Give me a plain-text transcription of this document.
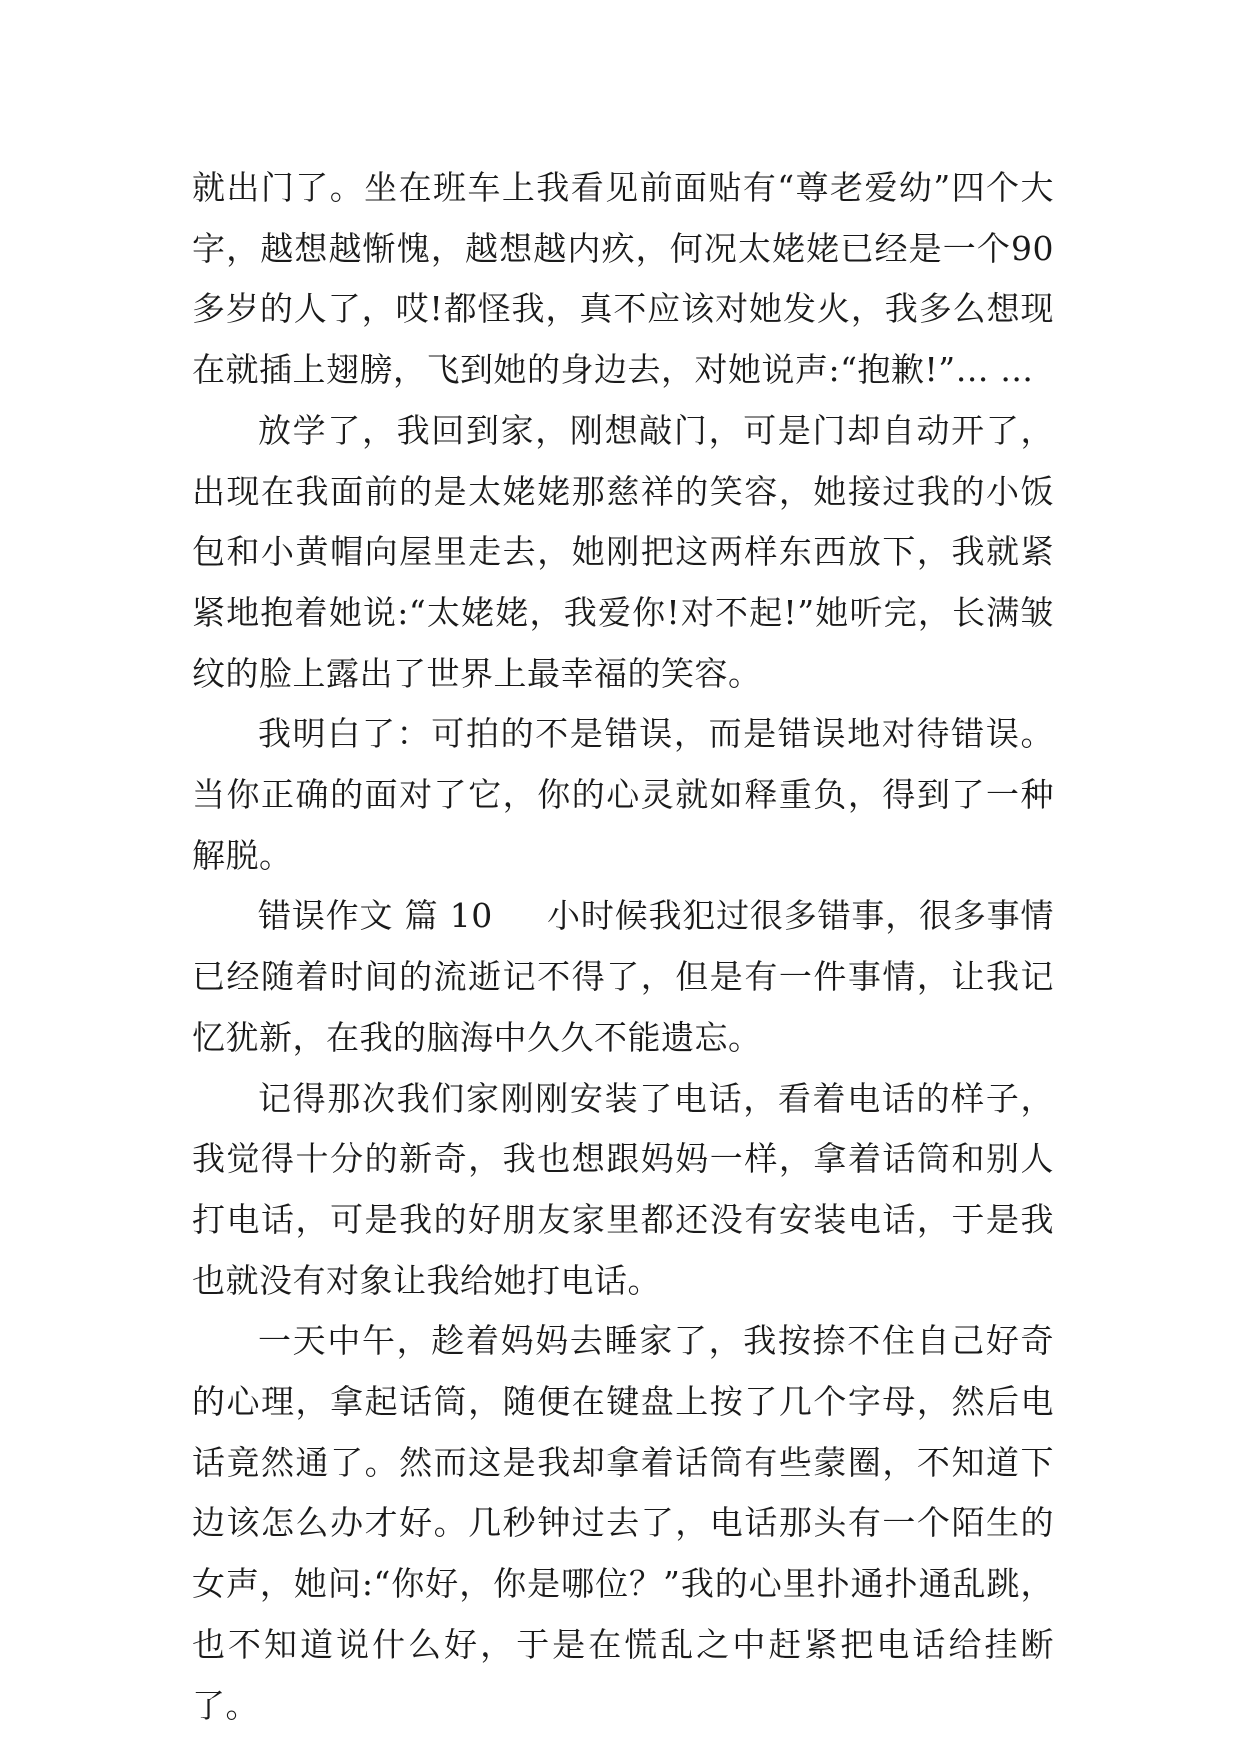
就出门了。坐在班车上我看见前面贴有“尊老爱幼”四个大字，越想越惭愧，越想越内疚，何况太姥姥已经是一个90多岁的人了，哎!都怪我，真不应该对她发火，我多么想现在就插上翅膀，飞到她的身边去，对她说声:“抱歉!”… …

放学了，我回到家，刚想敲门，可是门却自动开了，出现在我面前的是太姥姥那慈祥的笑容，她接过我的小饭包和小黄帽向屋里走去，她刚把这两样东西放下，我就紧紧地抱着她说:“太姥姥，我爱你!对不起!”她听完，长满皱纹的脸上露出了世界上最幸福的笑容。

我明白了：可拍的不是错误，而是错误地对待错误。当你正确的面对了它，你的心灵就如释重负，得到了一种解脱。

错误作文 篇 10 小时候我犯过很多错事，很多事情已经随着时间的流逝记不得了，但是有一件事情，让我记忆犹新，在我的脑海中久久不能遗忘。

记得那次我们家刚刚安装了电话，看着电话的样子，我觉得十分的新奇，我也想跟妈妈一样，拿着话筒和别人打电话，可是我的好朋友家里都还没有安装电话，于是我也就没有对象让我给她打电话。

一天中午，趁着妈妈去睡家了，我按捺不住自己好奇的心理，拿起话筒，随便在键盘上按了几个字母，然后电话竟然通了。然而这是我却拿着话筒有些蒙圈，不知道下边该怎么办才好。几秒钟过去了，电话那头有一个陌生的女声，她问:“你好，你是哪位？”我的心里扑通扑通乱跳，也不知道说什么好，于是在慌乱之中赶紧把电话给挂断了。
